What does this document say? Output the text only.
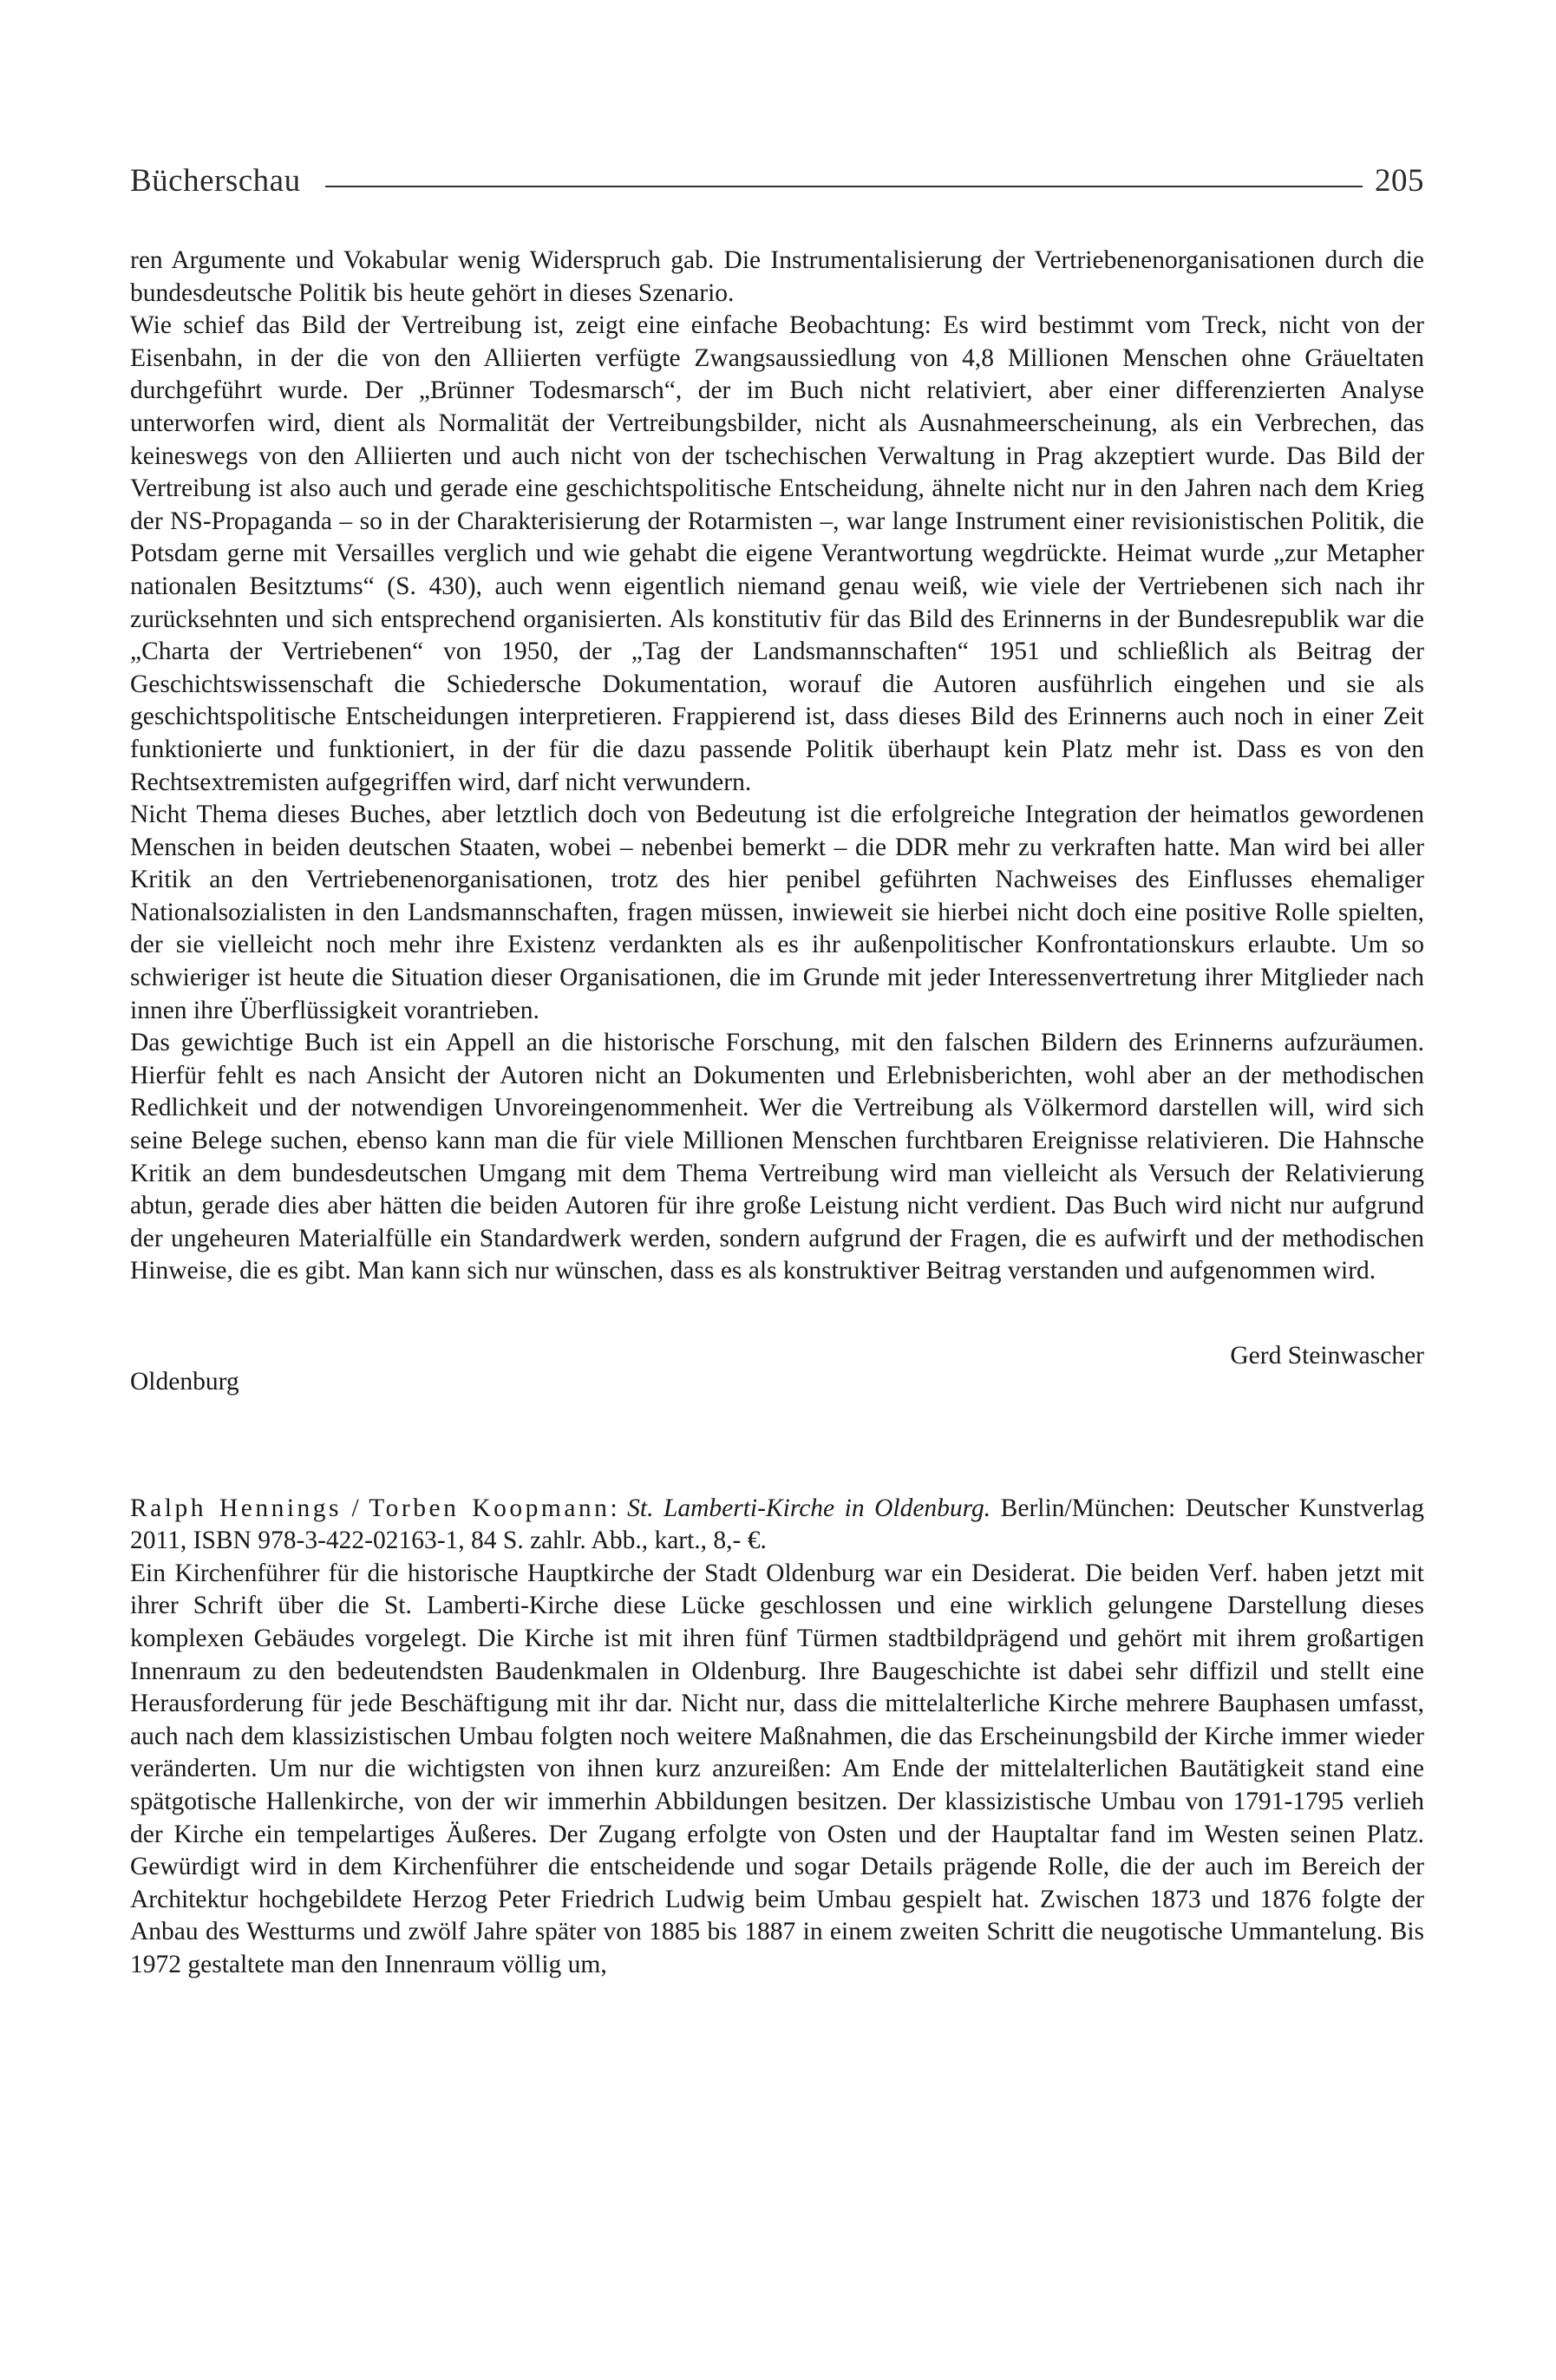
Bücherschau	205

ren Argumente und Vokabular wenig Widerspruch gab. Die Instrumentalisierung der Vertriebenenorganisationen durch die bundesdeutsche Politik bis heute gehört in dieses Szenario.

Wie schief das Bild der Vertreibung ist, zeigt eine einfache Beobachtung: Es wird bestimmt vom Treck, nicht von der Eisenbahn, in der die von den Alliierten verfügte Zwangsaussiedlung von 4,8 Millionen Menschen ohne Gräueltaten durchgeführt wurde. Der „Brünner Todesmarsch“, der im Buch nicht relativiert, aber einer differenzierten Analyse unterworfen wird, dient als Normalität der Vertreibungsbilder, nicht als Ausnahmeerscheinung, als ein Verbrechen, das keineswegs von den Alliierten und auch nicht von der tschechischen Verwaltung in Prag akzeptiert wurde. Das Bild der Vertreibung ist also auch und gerade eine geschichtspolitische Entscheidung, ähnelte nicht nur in den Jahren nach dem Krieg der NS-Propaganda – so in der Charakterisierung der Rotarmisten –, war lange Instrument einer revisionistischen Politik, die Potsdam gerne mit Versailles verglich und wie gehabt die eigene Verantwortung wegdrückte. Heimat wurde „zur Metapher nationalen Besitztums“ (S. 430), auch wenn eigentlich niemand genau weiß, wie viele der Vertriebenen sich nach ihr zurücksehnten und sich entsprechend organisierten. Als konstitutiv für das Bild des Erinnerns in der Bundesrepublik war die „Charta der Vertriebenen“ von 1950, der „Tag der Landsmannschaften“ 1951 und schließlich als Beitrag der Geschichtswissenschaft die Schiedersche Dokumentation, worauf die Autoren ausführlich eingehen und sie als geschichtspolitische Entscheidungen interpretieren. Frappierend ist, dass dieses Bild des Erinnerns auch noch in einer Zeit funktionierte und funktioniert, in der für die dazu passende Politik überhaupt kein Platz mehr ist. Dass es von den Rechtsextremisten aufgegriffen wird, darf nicht verwundern.

Nicht Thema dieses Buches, aber letztlich doch von Bedeutung ist die erfolgreiche Integration der heimatlos gewordenen Menschen in beiden deutschen Staaten, wobei – nebenbei bemerkt – die DDR mehr zu verkraften hatte. Man wird bei aller Kritik an den Vertriebenenorganisationen, trotz des hier penibel geführten Nachweises des Einflusses ehemaliger Nationalsozialisten in den Landsmannschaften, fragen müssen, inwieweit sie hierbei nicht doch eine positive Rolle spielten, der sie vielleicht noch mehr ihre Existenz verdankten als es ihr außenpolitischer Konfrontationskurs erlaubte. Um so schwieriger ist heute die Situation dieser Organisationen, die im Grunde mit jeder Interessenvertretung ihrer Mitglieder nach innen ihre Überflüssigkeit vorantrieben.

Das gewichtige Buch ist ein Appell an die historische Forschung, mit den falschen Bildern des Erinnerns aufzuräumen. Hierfür fehlt es nach Ansicht der Autoren nicht an Dokumenten und Erlebnisberichten, wohl aber an der methodischen Redlichkeit und der notwendigen Unvoreingenommenheit. Wer die Vertreibung als Völkermord darstellen will, wird sich seine Belege suchen, ebenso kann man die für viele Millionen Menschen furchtbaren Ereignisse relativieren. Die Hahnsche Kritik an dem bundesdeutschen Umgang mit dem Thema Vertreibung wird man vielleicht als Versuch der Relativierung abtun, gerade dies aber hätten die beiden Autoren für ihre große Leistung nicht verdient. Das Buch wird nicht nur aufgrund der ungeheuren Materialfülle ein Standardwerk werden, sondern aufgrund der Fragen, die es aufwirft und der methodischen Hinweise, die es gibt. Man kann sich nur wünschen, dass es als konstruktiver Beitrag verstanden und aufgenommen wird.

Oldenburg
Gerd Steinwascher

Ralph Hennings / Torben Koopmann: St. Lamberti-Kirche in Oldenburg. Berlin/München: Deutscher Kunstverlag 2011, ISBN 978-3-422-02163-1, 84 S. zahlr. Abb., kart., 8,- €.

Ein Kirchenführer für die historische Hauptkirche der Stadt Oldenburg war ein Desiderat. Die beiden Verf. haben jetzt mit ihrer Schrift über die St. Lamberti-Kirche diese Lücke geschlossen und eine wirklich gelungene Darstellung dieses komplexen Gebäudes vorgelegt. Die Kirche ist mit ihren fünf Türmen stadtbildprägend und gehört mit ihrem großartigen Innenraum zu den bedeutendsten Baudenkmalen in Oldenburg. Ihre Baugeschichte ist dabei sehr diffizil und stellt eine Herausforderung für jede Beschäftigung mit ihr dar. Nicht nur, dass die mittelalterliche Kirche mehrere Bauphasen umfasst, auch nach dem klassizistischen Umbau folgten noch weitere Maßnahmen, die das Erscheinungsbild der Kirche immer wieder veränderten. Um nur die wichtigsten von ihnen kurz anzureißen: Am Ende der mittelalterlichen Bautätigkeit stand eine spätgotische Hallenkirche, von der wir immerhin Abbildungen besitzen. Der klassizistische Umbau von 1791-1795 verlieh der Kirche ein tempelartiges Äußeres. Der Zugang erfolgte von Osten und der Hauptaltar fand im Westen seinen Platz. Gewürdigt wird in dem Kirchenführer die entscheidende und sogar Details prägende Rolle, die der auch im Bereich der Architektur hochgebildete Herzog Peter Friedrich Ludwig beim Umbau gespielt hat. Zwischen 1873 und 1876 folgte der Anbau des Westturms und zwölf Jahre später von 1885 bis 1887 in einem zweiten Schritt die neugotische Ummantelung. Bis 1972 gestaltete man den Innenraum völlig um,
